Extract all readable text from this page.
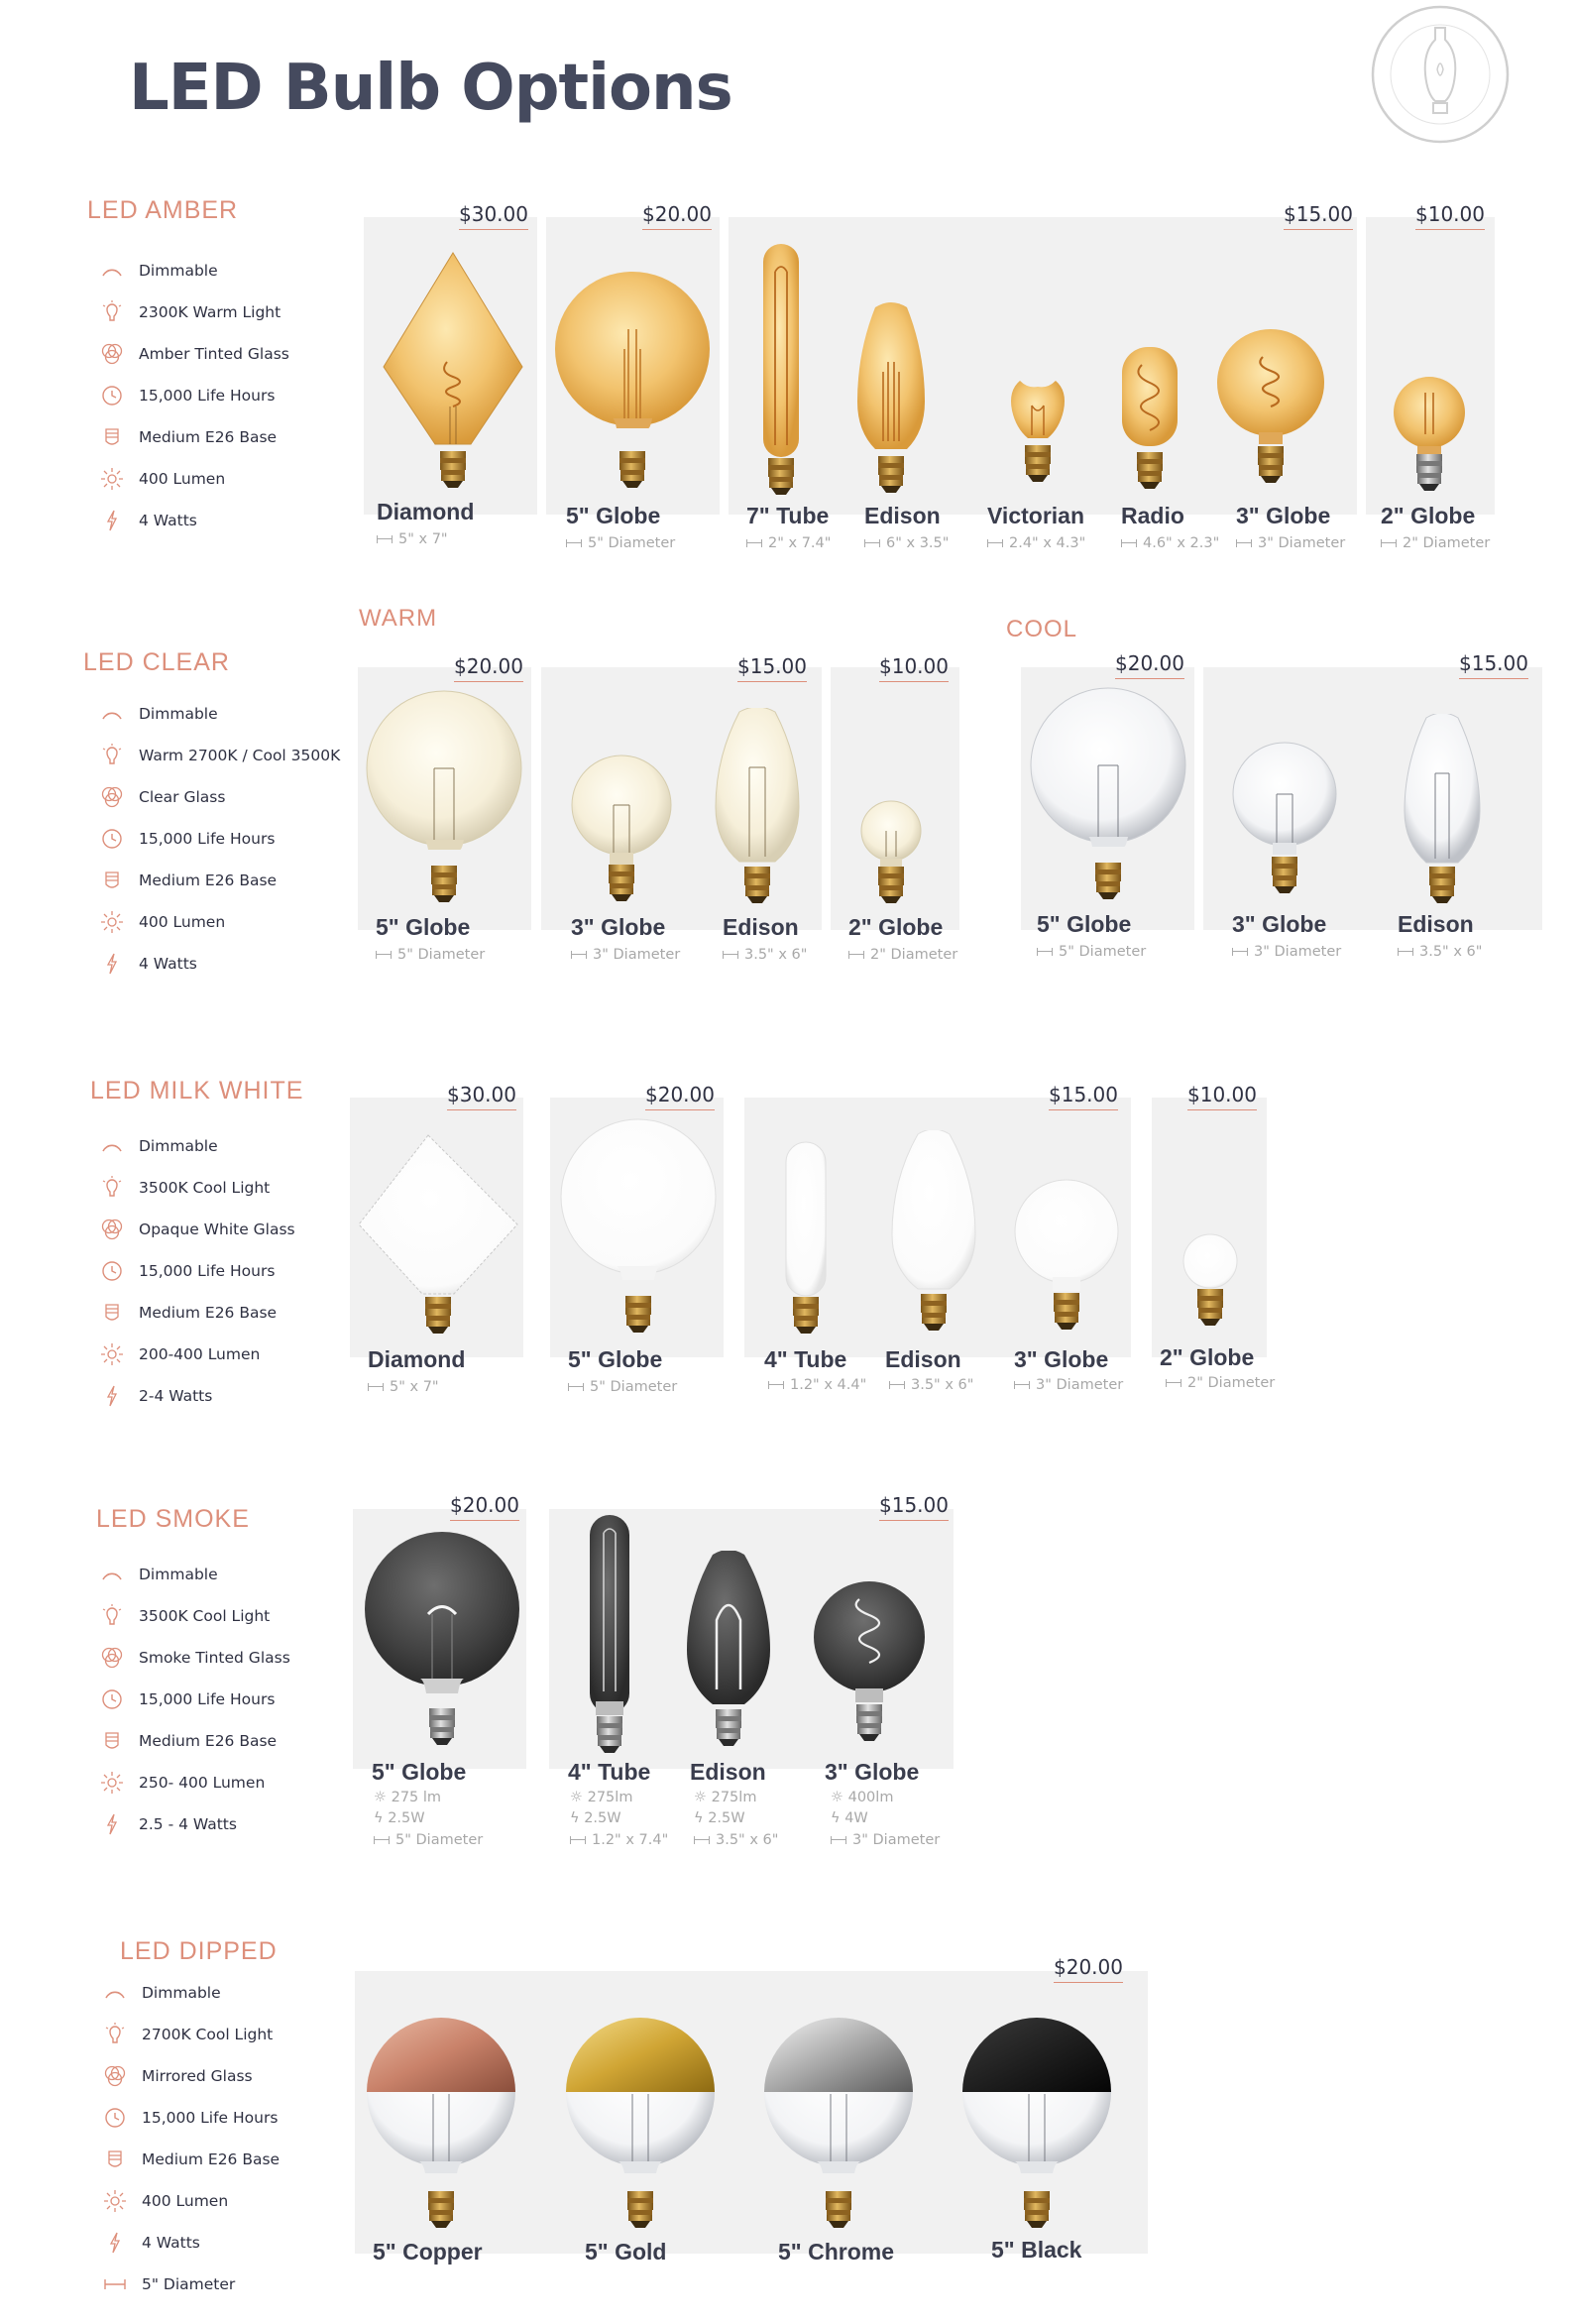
LED Bulb Options
LED AMBER
Dimmable
2300K Warm Light
Amber Tinted Glass
15,000 Life Hours
Medium E26 Base
400 Lumen
4 Watts
$30.00	$20.00	$15.00	$10.00
Diamond
5" x 7"
5" Globe
5" Diameter
7" Tube
2" x 7.4"
Edison
6" x 3.5"
Victorian
2.4" x 4.3"
Radio
4.6" x 2.3"
3" Globe
3" Diameter
2" Globe
2" Diameter
LED CLEAR
WARM	COOL
Dimmable
Warm 2700K / Cool 3500K
Clear Glass
15,000 Life Hours
Medium E26 Base
400 Lumen
4 Watts
$20.00	$15.00	$10.00	$20.00	$15.00
5" Globe
5" Diameter
3" Globe
3" Diameter
Edison
3.5" x 6"
2" Globe
2" Diameter
5" Globe
5" Diameter
3" Globe
3" Diameter
Edison
3.5" x 6"
LED MILK WHITE
Dimmable
3500K Cool Light
Opaque White Glass
15,000 Life Hours
Medium E26 Base
200-400 Lumen
2-4 Watts
$30.00	$20.00	$15.00	$10.00
Diamond
5" x 7"
5" Globe
5" Diameter
4" Tube
1.2" x 4.4"
Edison
3.5" x 6"
3" Globe
3" Diameter
2" Globe
2" Diameter
LED SMOKE
Dimmable
3500K Cool Light
Smoke Tinted Glass
15,000 Life Hours
Medium E26 Base
250- 400 Lumen
2.5 - 4 Watts
$20.00	$15.00
5" Globe
☼ 275 lm
ϟ 2.5W
5" Diameter
4" Tube
☼ 275lm
ϟ 2.5W
1.2" x 7.4"
Edison
☼ 275lm
ϟ 2.5W
3.5" x 6"
3" Globe
☼ 400lm
ϟ 4W
3" Diameter
LED DIPPED
Dimmable
2700K Cool Light
Mirrored Glass
15,000 Life Hours
Medium E26 Base
400 Lumen
4 Watts
5" Diameter
$20.00
5" Copper	5" Gold	5" Chrome	5" Black
